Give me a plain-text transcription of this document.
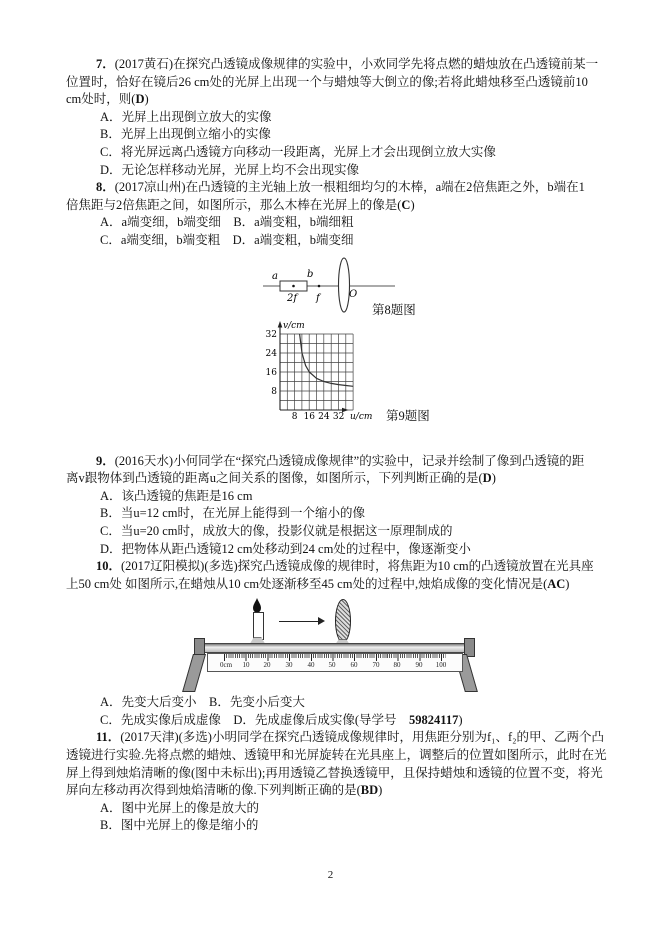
7．(2017黄石)在探究凸透镜成像规律的实验中，小欢同学先将点燃的蜡烛放在凸透镜前某一
位置时，恰好在镜后26 cm处的光屏上出现一个与蜡烛等大倒立的像;若将此蜡烛移至凸透镜前10
cm处时，则(D)
A．光屏上出现倒立放大的实像
B．光屏上出现倒立缩小的实像
C．将光屏远离凸透镜方向移动一段距离，光屏上才会出现倒立放大实像
D．无论怎样移动光屏，光屏上均不会出现实像
8．(2017凉山州)在凸透镜的主光轴上放一根粗细均匀的木棒，a端在2倍焦距之外，b端在1
倍焦距与2倍焦距之间，如图所示，那么木棒在光屏上的像是(C)
A．a端变细，b端变细　B．a端变粗，b端细粗
C．a端变细，b端变粗　D．a端变粗，b端变细
a	b
2f f	O
第8题图
v/cm
u/cm
32
24
16
8
8 16 24 32	第9题图
9．(2016天水)小何同学在“探究凸透镜成像规律”的实验中，记录并绘制了像到凸透镜的距
离v跟物体到凸透镜的距离u之间关系的图像，如图所示，下列判断正确的是(D)
A．该凸透镜的焦距是16 cm
B．当u=12 cm时，在光屏上能得到一个缩小的像
C．当u=20 cm时，成放大的像，投影仪就是根据这一原理制成的
D．把物体从距凸透镜12 cm处移动到24 cm处的过程中，像逐渐变小
10．(2017辽阳模拟)(多选)探究凸透镜成像的规律时，将焦距为10 cm的凸透镜放置在光具座
上50 cm处 如图所示,在蜡烛从10 cm处逐渐移至45 cm处的过程中,烛焰成像的变化情况是(AC)
0cm	10	20	30	40	50	60	70	80	90	100
A．先变大后变小　B．先变小后变大
C．先成实像后成虚像　D．先成虚像后成实像(导学号　59824117)
11．(2017天津)(多选)小明同学在探究凸透镜成像规律时，用焦距分别为f₁、f₂的甲、乙两个凸
透镜进行实验.先将点燃的蜡烛、透镜甲和光屏旋转在光具座上，调整后的位置如图所示，此时在光
屏上得到烛焰清晰的像(图中未标出);再用透镜乙替换透镜甲，且保持蜡烛和透镜的位置不变，将光
屏向左移动再次得到烛焰清晰的像.下列判断正确的是(BD)
A．图中光屏上的像是放大的
B．图中光屏上的像是缩小的
2
